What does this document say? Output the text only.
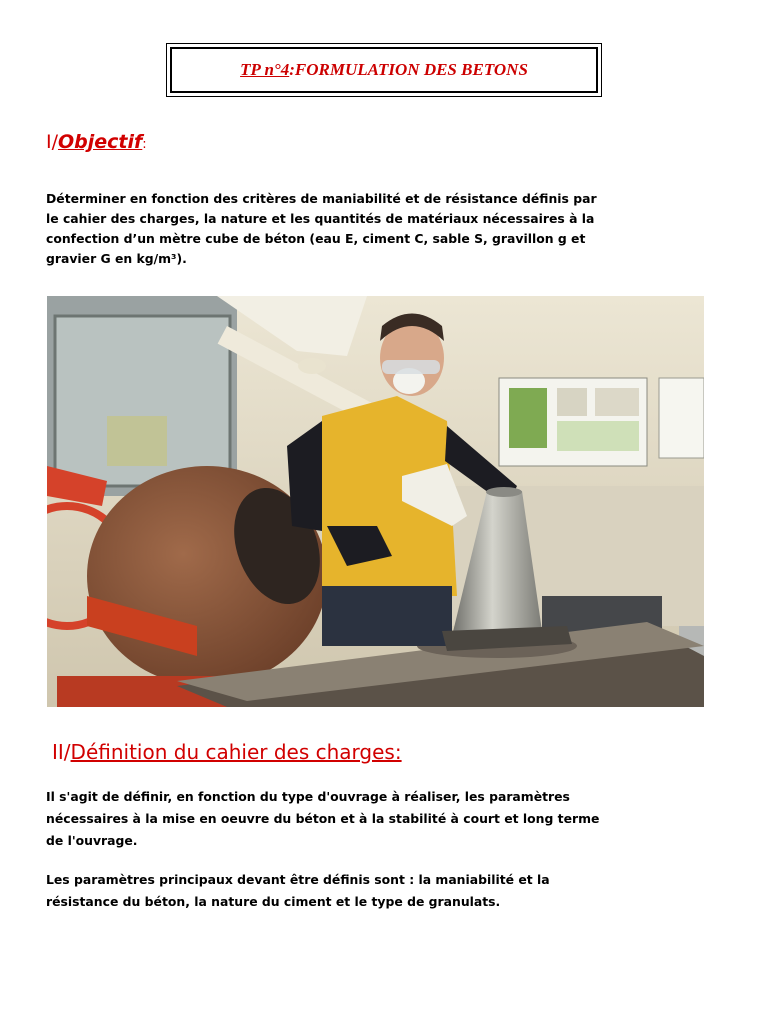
TP n°4:FORMULATION DES BETONS
I/Objectif:
Déterminer en fonction des critères de maniabilité et de résistance définis par
le cahier des charges, la nature et les quantités de matériaux nécessaires à la
confection d’un mètre cube de béton (eau E, ciment C, sable S, gravillon g et
gravier G en kg/m³).
II/Définition du cahier des charges:
Il s'agit de définir, en fonction du type d'ouvrage à réaliser, les paramètres
nécessaires à la mise en oeuvre du béton et à la stabilité à court et long terme
de l'ouvrage.
Les paramètres principaux devant être définis sont : la maniabilité et la
résistance du béton, la nature du ciment et le type de granulats.
